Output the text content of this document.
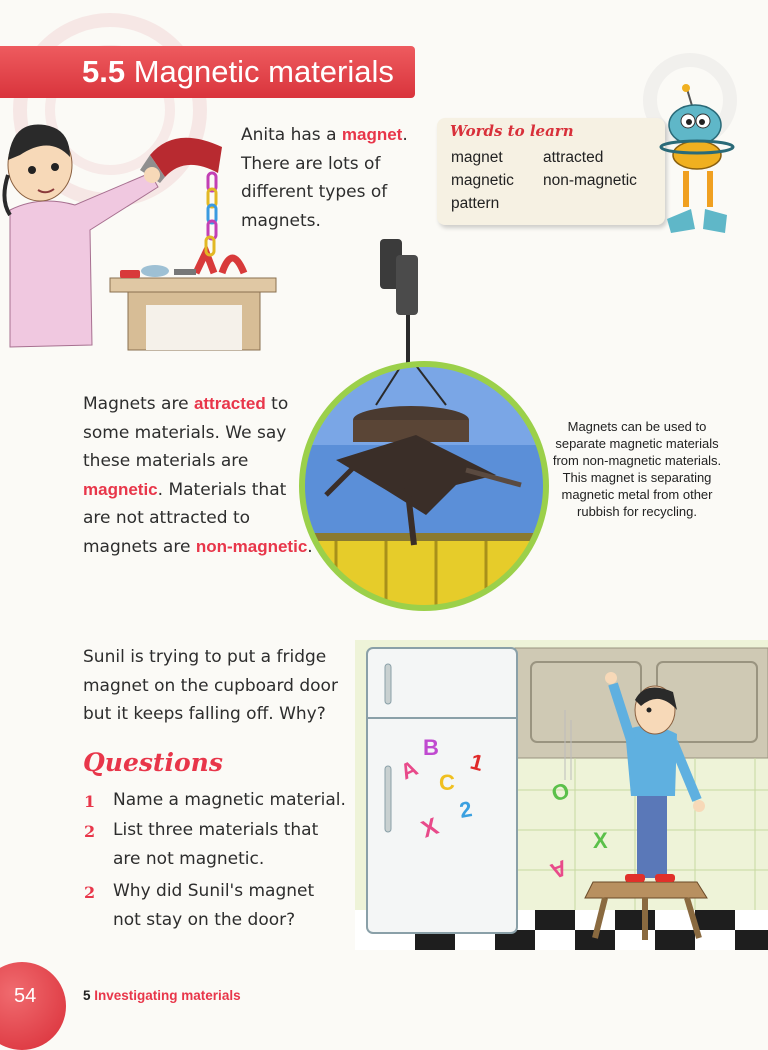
5.5 Magnetic materials
Anita has a magnet. There are lots of different types of magnets.
Words to learn
magnet	attracted
magnetic non-magnetic
pattern
Magnets are attracted to some materials. We say these materials are magnetic. Materials that are not attracted to magnets are non-magnetic.
Magnets can be used to separate magnetic materials from non-magnetic materials. This magnet is separating magnetic metal from other rubbish for recycling.
Sunil is trying to put a fridge magnet on the cupboard door but it keeps falling off. Why?
A
B
C
1
2
X
O
X
A
Questions
1 Name a magnetic material.
2 List three materials that are not magnetic.
2 Why did Sunil's magnet not stay on the door?
54	5 Investigating materials
